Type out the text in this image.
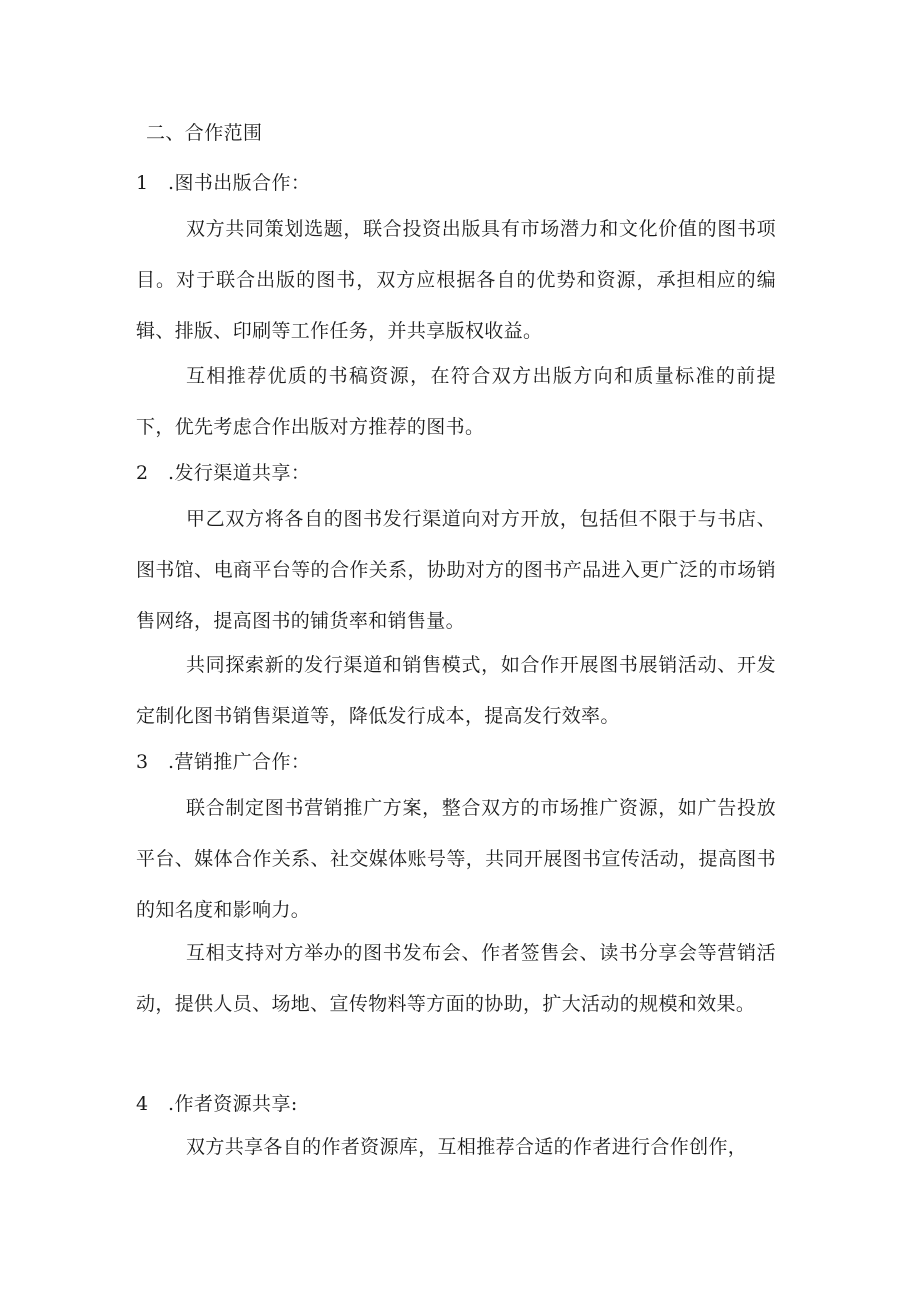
二、合作范围
1 .图书出版合作：

双方共同策划选题，联合投资出版具有市场潜力和文化价值的图书项目。对于联合出版的图书，双方应根据各自的优势和资源，承担相应的编辑、排版、印刷等工作任务，并共享版权收益。

互相推荐优质的书稿资源，在符合双方出版方向和质量标准的前提下，优先考虑合作出版对方推荐的图书。

2 .发行渠道共享：

甲乙双方将各自的图书发行渠道向对方开放，包括但不限于与书店、图书馆、电商平台等的合作关系，协助对方的图书产品进入更广泛的市场销售网络，提高图书的铺货率和销售量。

共同探索新的发行渠道和销售模式，如合作开展图书展销活动、开发定制化图书销售渠道等，降低发行成本，提高发行效率。

3 .营销推广合作：

联合制定图书营销推广方案，整合双方的市场推广资源，如广告投放平台、媒体合作关系、社交媒体账号等，共同开展图书宣传活动，提高图书的知名度和影响力。

互相支持对方举办的图书发布会、作者签售会、读书分享会等营销活动，提供人员、场地、宣传物料等方面的协助，扩大活动的规模和效果。

4 .作者资源共享:

双方共享各自的作者资源库，互相推荐合适的作者进行合作创作，
